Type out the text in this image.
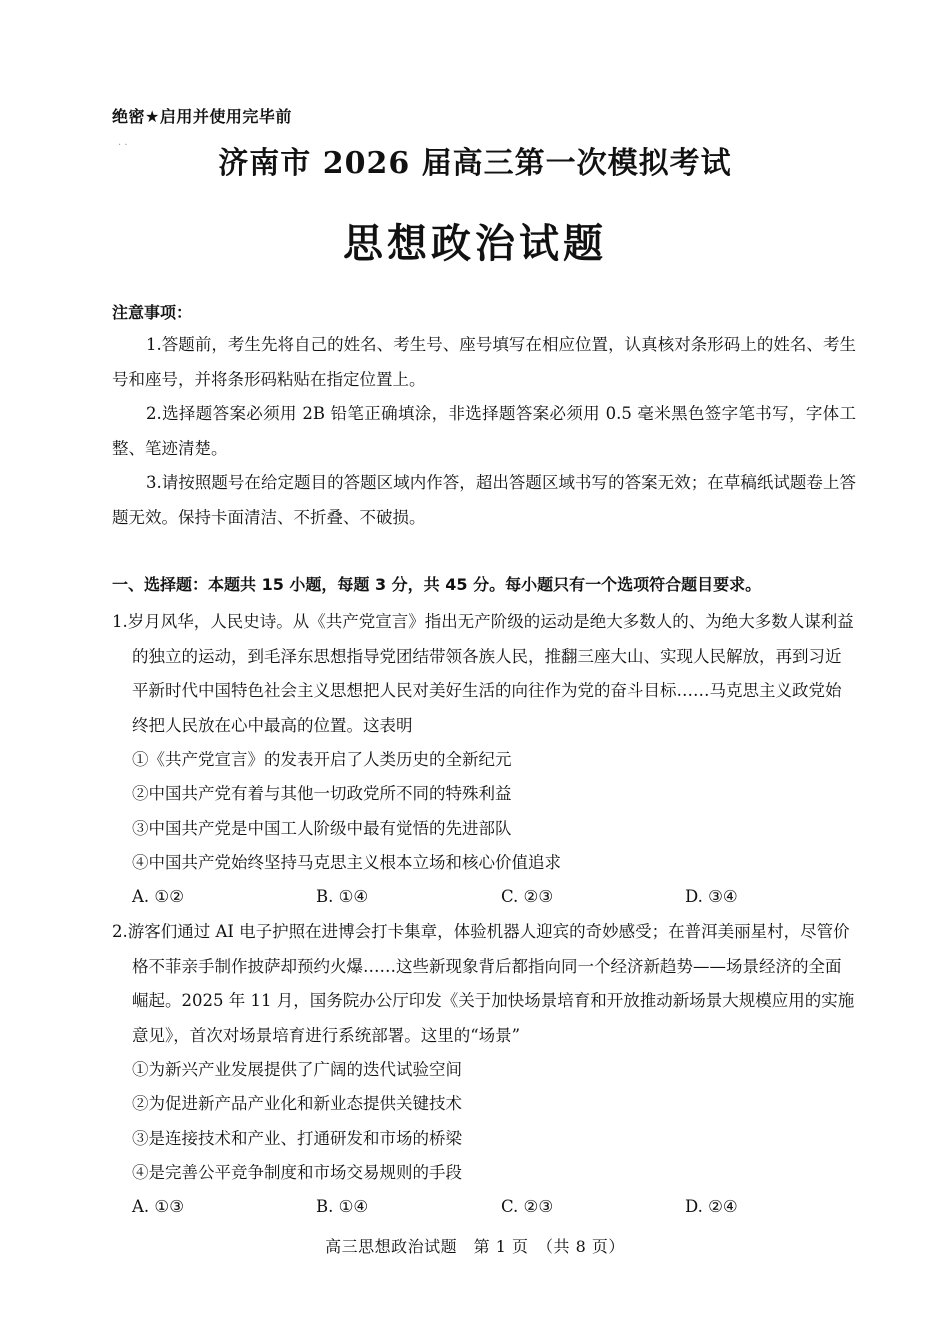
· ·
绝密★启用并使用完毕前
济南市 2026 届高三第一次模拟考试
思想政治试题
注意事项：
1.答题前，考生先将自己的姓名、考生号、座号填写在相应位置，认真核对条形码上的姓名、考生号和座号，并将条形码粘贴在指定位置上。
2.选择题答案必须用 2B 铅笔正确填涂，非选择题答案必须用 0.5 毫米黑色签字笔书写，字体工整、笔迹清楚。
3.请按照题号在给定题目的答题区域内作答，超出答题区域书写的答案无效；在草稿纸试题卷上答题无效。保持卡面清洁、不折叠、不破损。
一、选择题：本题共 15 小题，每题 3 分，共 45 分。每小题只有一个选项符合题目要求。
1.岁月风华，人民史诗。从《共产党宣言》指出无产阶级的运动是绝大多数人的、为绝大多数人谋利益的独立的运动，到毛泽东思想指导党团结带领各族人民，推翻三座大山、实现人民解放，再到习近平新时代中国特色社会主义思想把人民对美好生活的向往作为党的奋斗目标……马克思主义政党始终把人民放在心中最高的位置。这表明
①《共产党宣言》的发表开启了人类历史的全新纪元
②中国共产党有着与其他一切政党所不同的特殊利益
③中国共产党是中国工人阶级中最有觉悟的先进部队
④中国共产党始终坚持马克思主义根本立场和核心价值追求
A. ①②	B. ①④	C. ②③	D. ③④
2.游客们通过 AI 电子护照在进博会打卡集章，体验机器人迎宾的奇妙感受；在普洱美丽星村，尽管价格不菲亲手制作披萨却预约火爆……这些新现象背后都指向同一个经济新趋势——场景经济的全面崛起。2025 年 11 月，国务院办公厅印发《关于加快场景培育和开放推动新场景大规模应用的实施意见》，首次对场景培育进行系统部署。这里的“场景”
①为新兴产业发展提供了广阔的迭代试验空间
②为促进新产品产业化和新业态提供关键技术
③是连接技术和产业、打通研发和市场的桥梁
④是完善公平竞争制度和市场交易规则的手段
A. ①③	B. ①④	C. ②③	D. ②④
高三思想政治试题　第 1 页　（共 8 页）
